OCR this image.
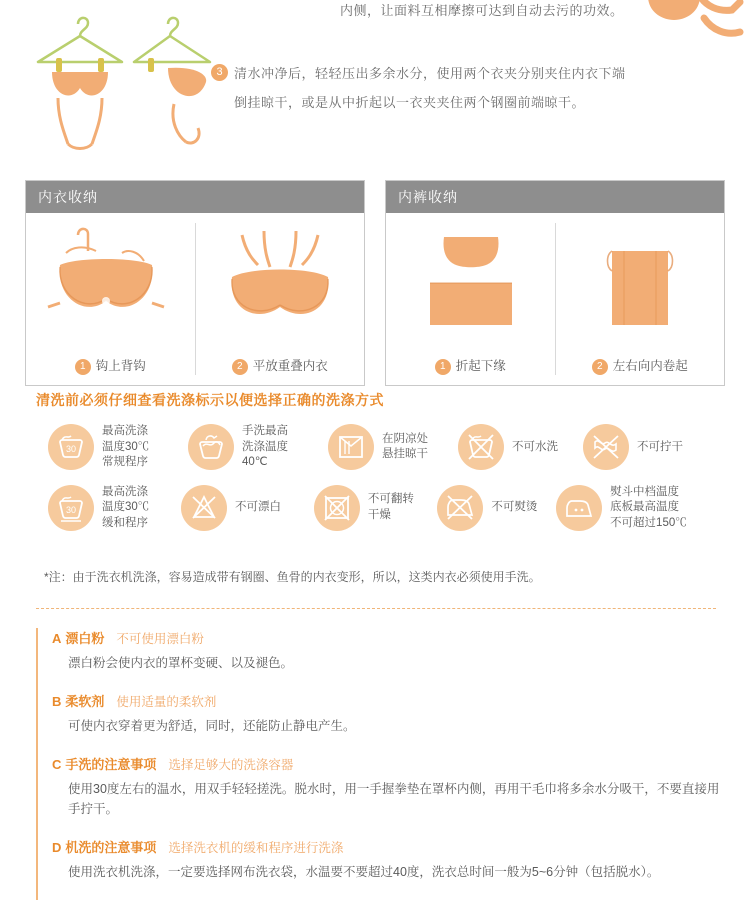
内侧，让面料互相摩擦可达到自动去污的功效。
3 清水冲净后，轻轻压出多余水分，使用两个衣夹分别夹住内衣下端
倒挂晾干，或是从中折起以一衣夹夹住两个钢圈前端晾干。
内衣收纳
1 钩上背钩	2 平放重叠内衣
内裤收纳
1 折起下缘	2 左右向内卷起
清洗前必须仔细查看洗涤标示以便选择正确的洗涤方式
30
最高洗涤
温度30℃
常规程序
手洗最高
洗涤温度
40℃
在阴凉处
悬挂晾干
不可水洗	不可拧干
30
最高洗涤
温度30℃
缓和程序
不可漂白
不可翻转
干燥
不可熨烫
熨斗中档温度
底板最高温度
不可超过150℃
*注：由于洗衣机洗涤，容易造成带有钢圈、鱼骨的内衣变形，所以，这类内衣必须使用手洗。
A 漂白粉 不可使用漂白粉
漂白粉会使内衣的罩杯变硬、以及褪色。
B 柔软剂 使用适量的柔软剂
可使内衣穿着更为舒适，同时，还能防止静电产生。
C 手洗的注意事项 选择足够大的洗涤容器
使用30度左右的温水，用双手轻轻搓洗。脱水时，用一手握拳垫在罩杯内侧，再用干毛巾将多余水分吸干，不要直接用手拧干。
D 机洗的注意事项 选择洗衣机的缓和程序进行洗涤
使用洗衣机洗涤，一定要选择网布洗衣袋，水温要不要超过40度，洗衣总时间一般为5~6分钟（包括脱水）。
